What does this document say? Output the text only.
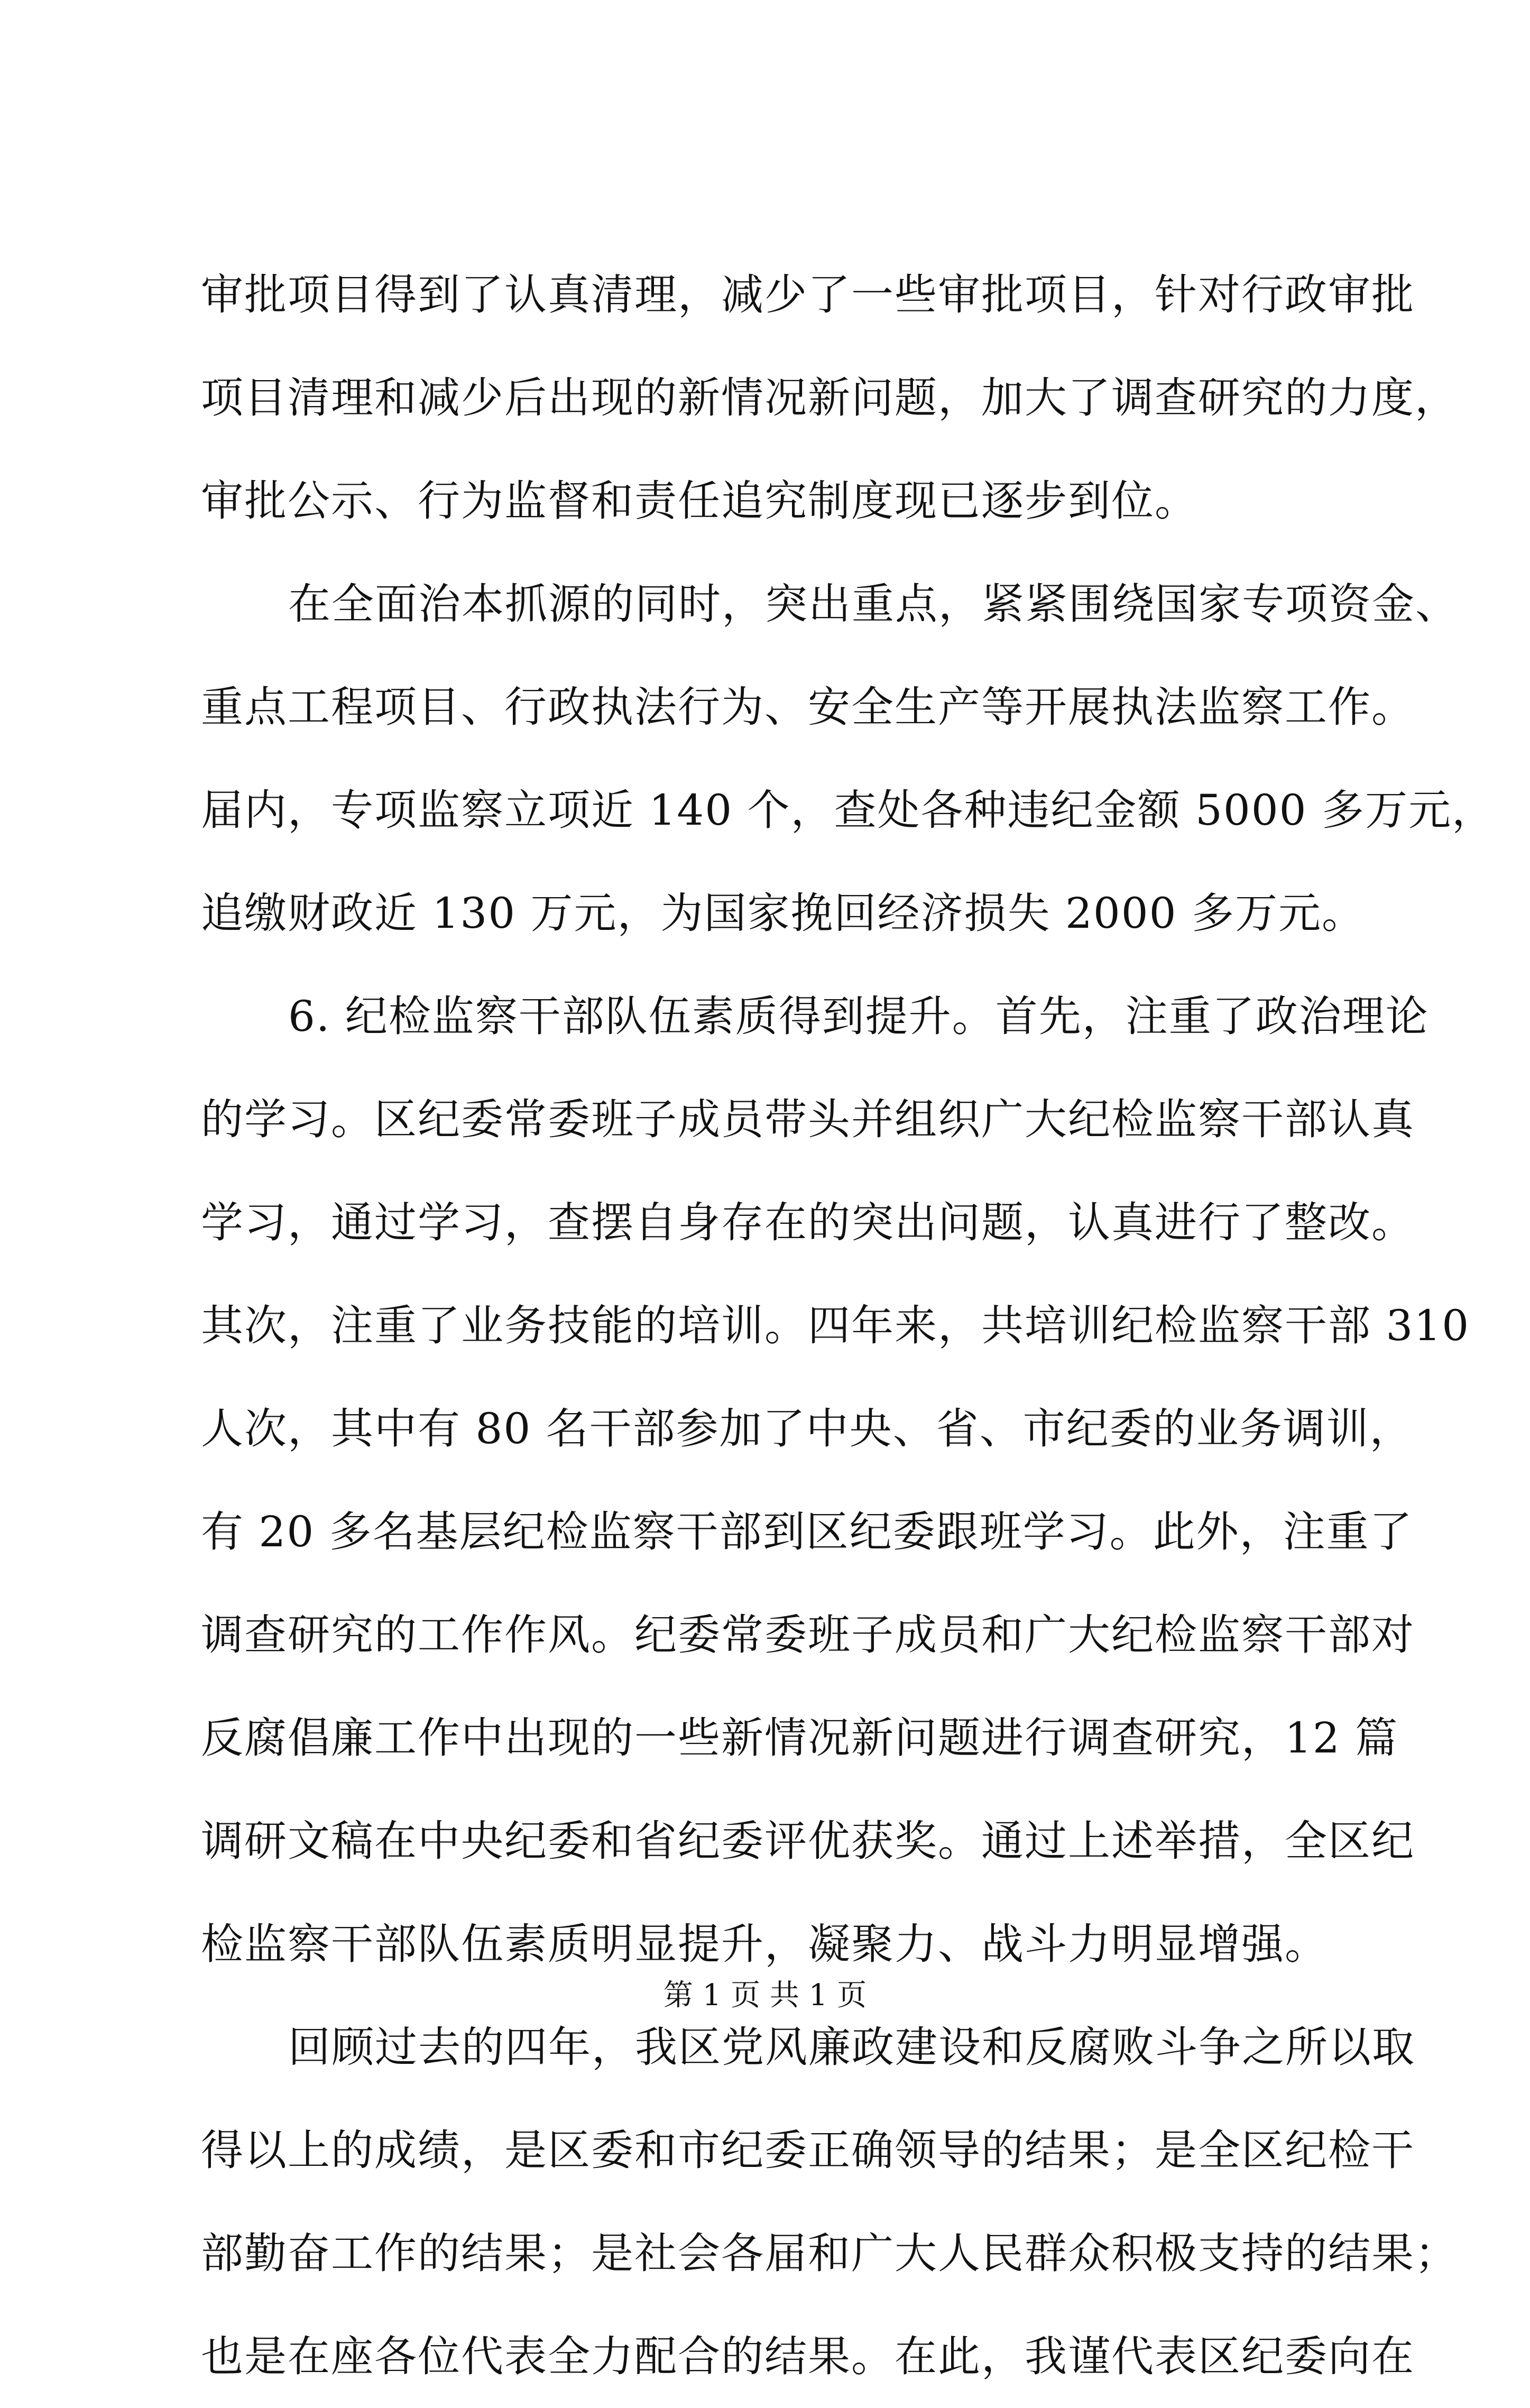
审批项目得到了认真清理，减少了一些审批项目，针对行政审批
项目清理和减少后出现的新情况新问题，加大了调查研究的力度，
审批公示、行为监督和责任追究制度现已逐步到位。
在全面治本抓源的同时，突出重点，紧紧围绕国家专项资金、
重点工程项目、行政执法行为、安全生产等开展执法监察工作。
届内，专项监察立项近 140 个，查处各种违纪金额 5000 多万元，
追缴财政近 130 万元，为国家挽回经济损失 2000 多万元。
6. 纪检监察干部队伍素质得到提升。首先，注重了政治理论
的学习。区纪委常委班子成员带头并组织广大纪检监察干部认真
学习，通过学习，查摆自身存在的突出问题，认真进行了整改。
其次，注重了业务技能的培训。四年来，共培训纪检监察干部 310
人次，其中有 80 名干部参加了中央、省、市纪委的业务调训，
有 20 多名基层纪检监察干部到区纪委跟班学习。此外，注重了
调查研究的工作作风。纪委常委班子成员和广大纪检监察干部对
反腐倡廉工作中出现的一些新情况新问题进行调查研究，12 篇
调研文稿在中央纪委和省纪委评优获奖。通过上述举措，全区纪
检监察干部队伍素质明显提升，凝聚力、战斗力明显增强。
回顾过去的四年，我区党风廉政建设和反腐败斗争之所以取
得以上的成绩，是区委和市纪委正确领导的结果；是全区纪检干
部勤奋工作的结果；是社会各届和广大人民群众积极支持的结果；
也是在座各位代表全力配合的结果。在此，我谨代表区纪委向在
第 1 页 共 1 页
